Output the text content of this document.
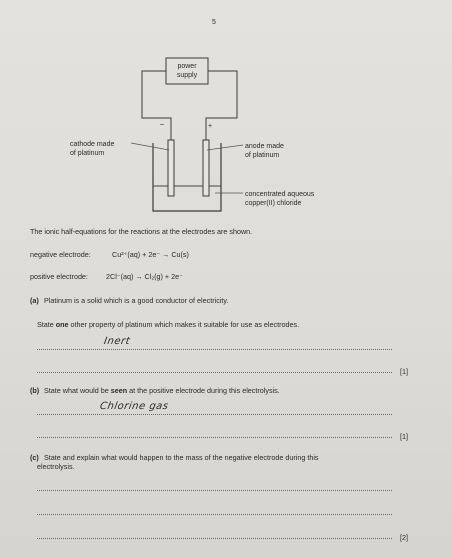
5
power
supply
–	+
cathode made
of platinum
anode made
of platinum
concentrated aqueous
copper(II) chloride
The ionic half-equations for the reactions at the electrodes are shown.
negative electrode:	Cu²⁺(aq) + 2e⁻ → Cu(s)
positive electrode:	2Cl⁻(aq) → Cl₂(g) + 2e⁻
(a) Platinum is a solid which is a good conductor of electricity.
State one other property of platinum which makes it suitable for use as electrodes.
Inert
[1]
(b) State what would be seen at the positive electrode during this electrolysis.
Chlorine gas
[1]
(c) State and explain what would happen to the mass of the negative electrode during this
electrolysis.
[2]
